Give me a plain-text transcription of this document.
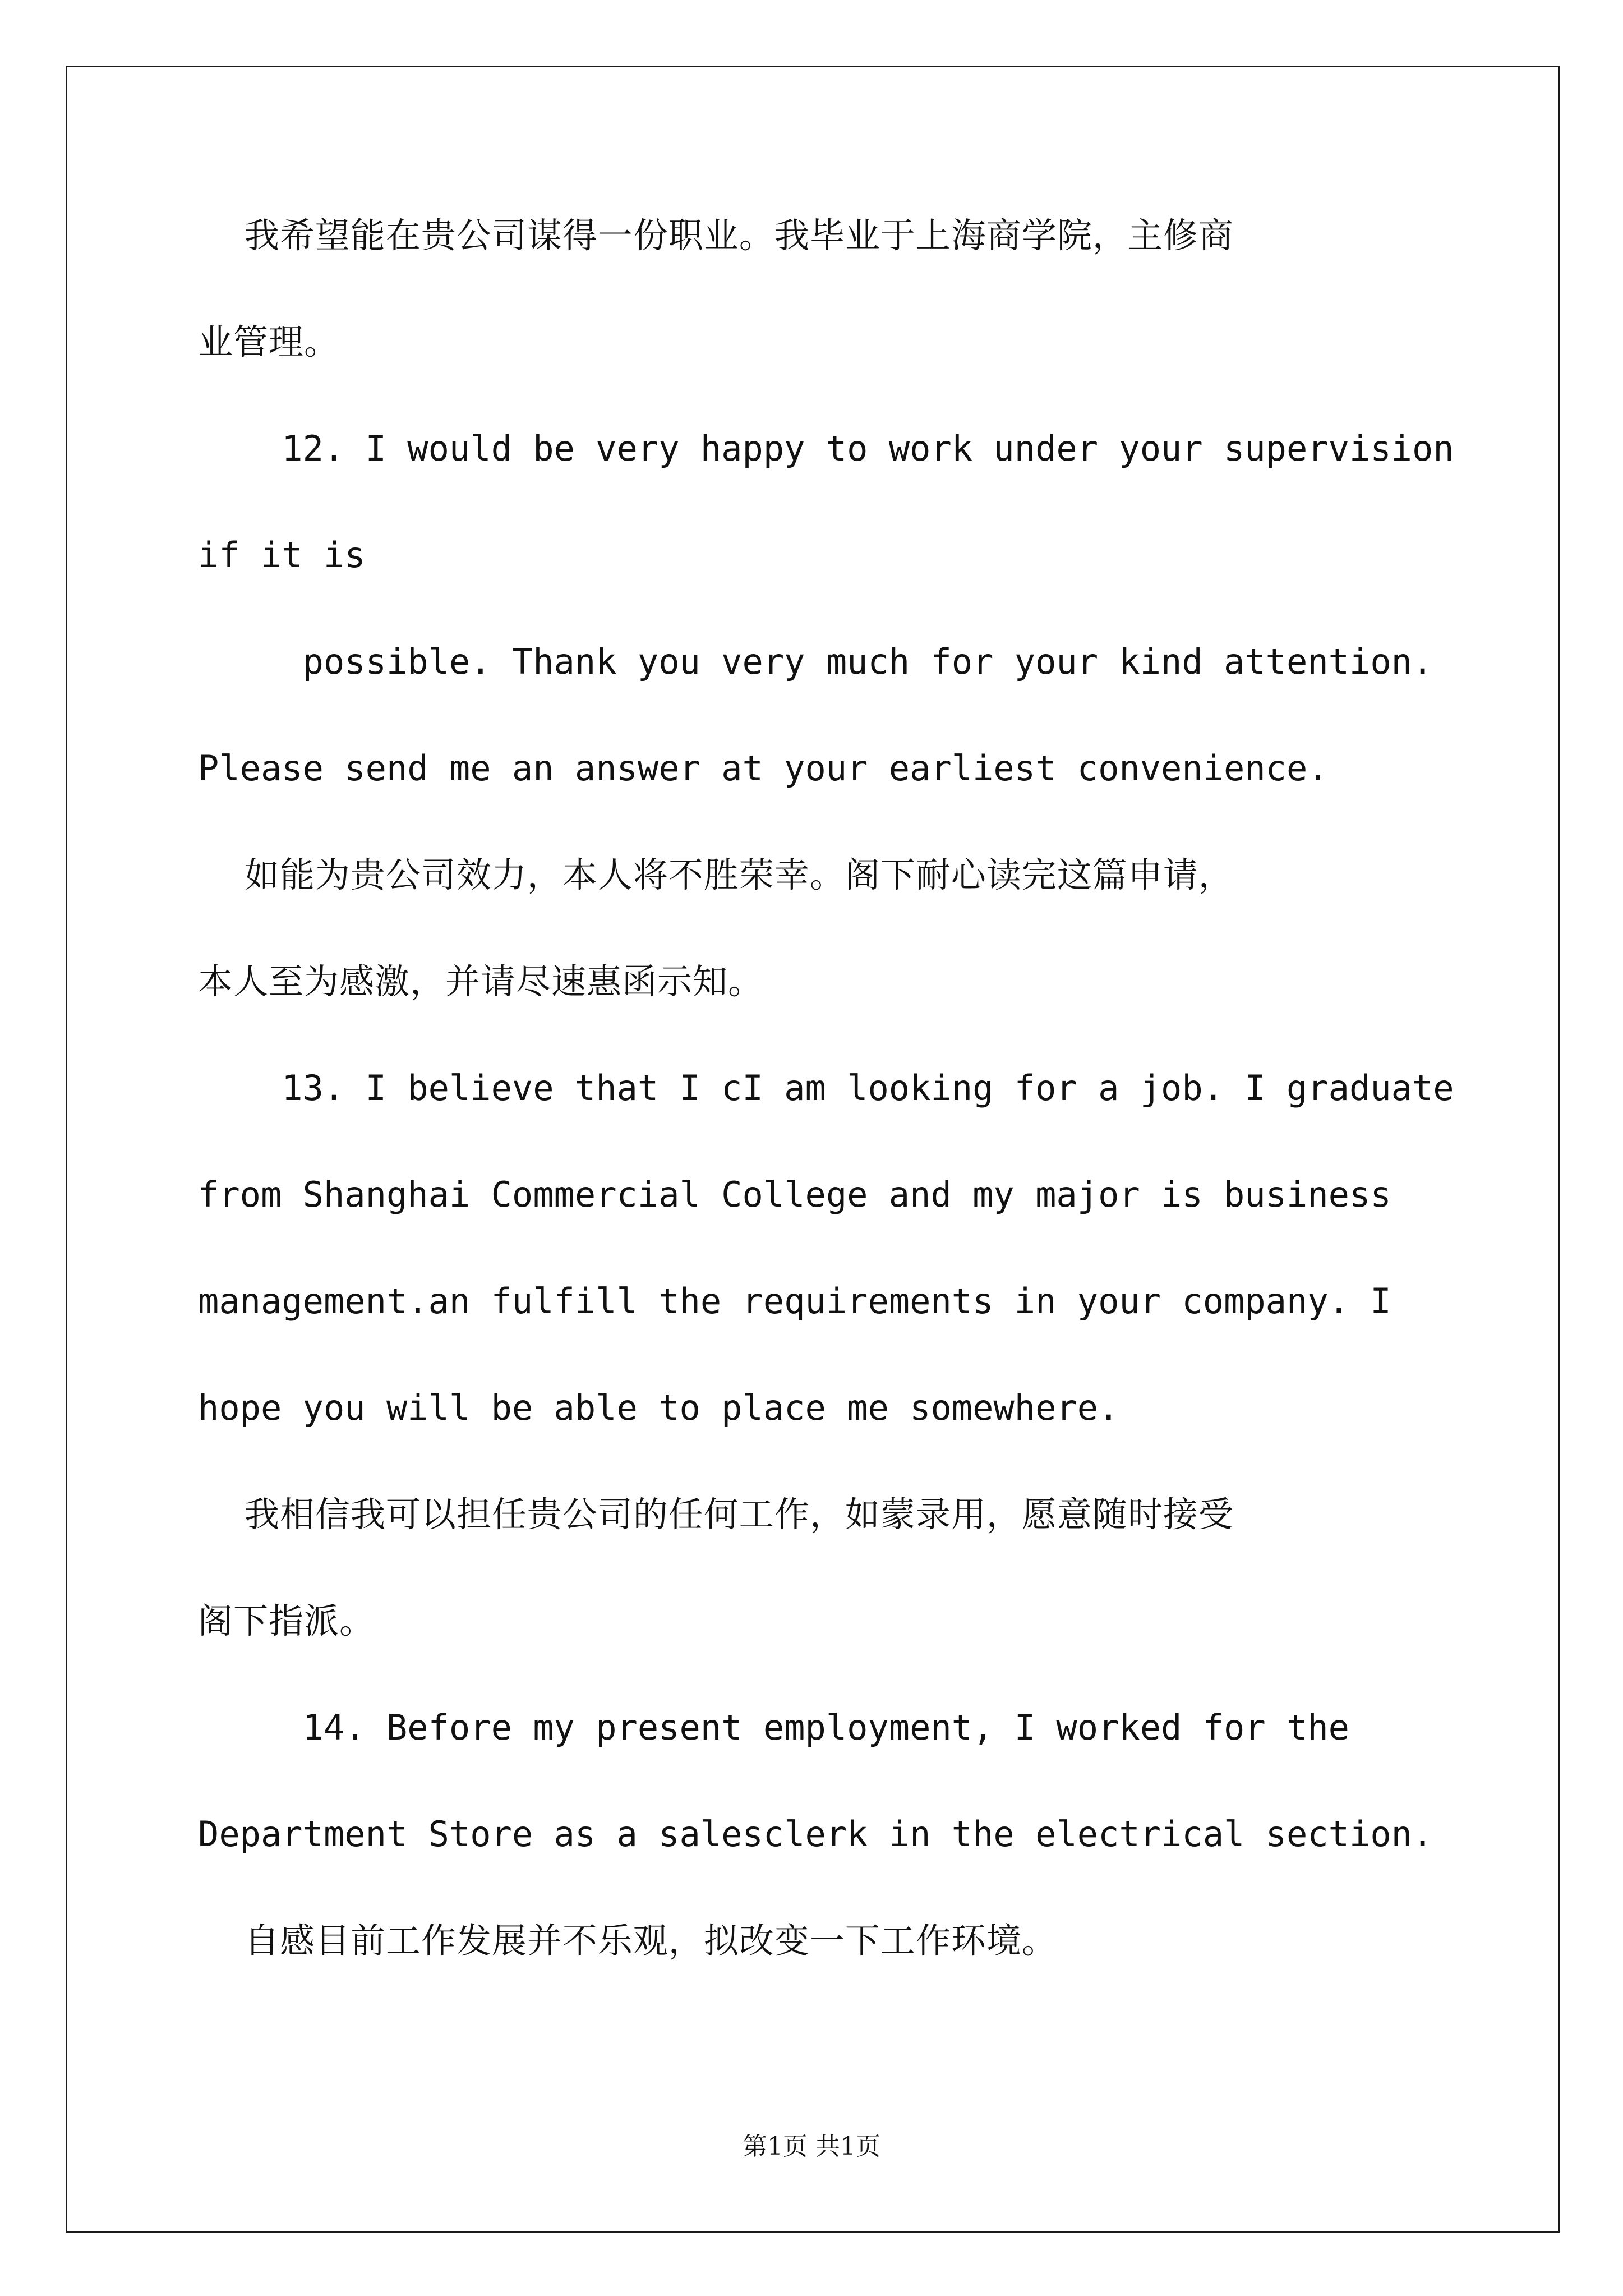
我希望能在贵公司谋得一份职业。我毕业于上海商学院，主修商
业管理。
12. I would be very happy to work under your supervision
if it is
possible. Thank you very much for your kind attention.
Please send me an answer at your earliest convenience.
如能为贵公司效力，本人将不胜荣幸。阁下耐心读完这篇申请，
本人至为感激，并请尽速惠函示知。
13. I believe that I cI am looking for a job. I graduate
from Shanghai Commercial College and my major is business
management.an fulfill the requirements in your company. I
hope you will be able to place me somewhere.
我相信我可以担任贵公司的任何工作，如蒙录用，愿意随时接受
阁下指派。
14. Before my present employment, I worked for the
Department Store as a salesclerk in the electrical section.
自感目前工作发展并不乐观，拟改变一下工作环境。
第1页 共1页
